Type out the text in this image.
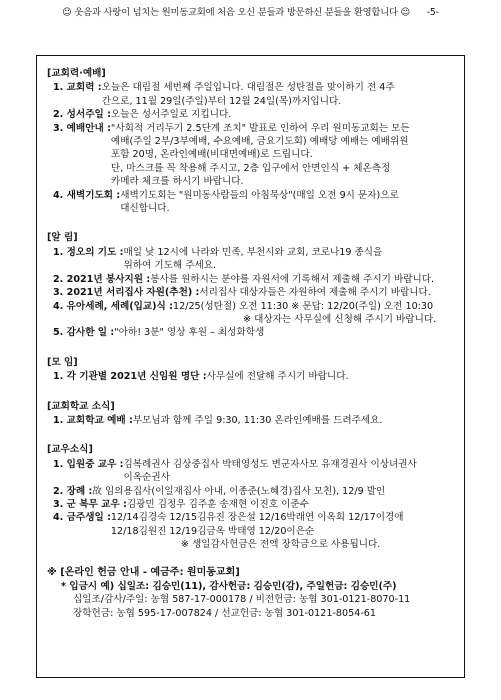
☺ 웃음과 사랑이 넘치는 원미동교회에 처음 오신 분들과 방문하신 분들을 환영합니다 ☺ -5-
[교회력·예배]
1. 교회력 : 오늘은 대림절 세번째 주일입니다. 대림절은 성탄절을 맞이하기 전 4주
간으로, 11월 29일(주일)부터 12월 24일(목)까지입니다.
2. 성서주일 : 오늘은 성서주일로 지킵니다.
3. 예배안내 : "사회적 거리두기 2.5단계 조치" 발표로 인하여 우리 원미동교회는 모든
예배(주일 2부/3부예배, 수요예배, 금요기도회) 예배당 예배는 예배위원
포함 20명, 온라인예배(비대면예배)로 드립니다.
단, 마스크를 꼭 착용해 주시고, 2층 입구에서 안면인식 + 체온측정
카메라 체크를 하시기 바랍니다.
4. 새벽기도회 : 새벽기도회는 "원미동사람들의 아침묵상"(매일 오전 9시 문자)으로
대신합니다.
[알 림]
1. 정오의 기도 : 매일 낮 12시에 나라와 민족, 부천시와 교회, 코로나19 종식을
위하여 기도해 주세요.
2. 2021년 봉사지원 : 봉사를 원하시는 분야를 자원서에 기록해서 제출해 주시기 바랍니다.
3. 2021년 서리집사 자원(추천) : 서리집사 대상자들은 자원하여 제출해 주시기 바랍니다.
4. 유아세례, 세례(입교)식 : 12/25(성탄절) 오전 11:30 ※ 문답: 12/20(주일) 오전 10:30
※ 대상자는 사무실에 신청해 주시기 바랍니다.
5. 감사한 일 : "아하! 3분" 영상 후원 – 최성화학생
[모 임]
1. 각 기관별 2021년 신임원 명단 : 사무실에 전달해 주시기 바랍니다.
[교회학교 소식]
1. 교회학교 예배 : 부모님과 함께 주일 9:30, 11:30 온라인예배를 드려주세요.
[교우소식]
1. 입원중 교우 : 김복례권사 김상중집사 박태영성도 변군자사모 유재경권사 이상녀권사
이옥순권사
2. 장례 : 故 임의용집사(이일재집사 아내, 이종준(노혜경)집사 모친), 12/9 발인
3. 군 복무 교우 : 김광민 김정우 김주훈 송재현 이진호 이준수
4. 금주생일 : 12/14김경숙 12/15김유진 장은설 12/16박래연 이옥희 12/17이경애
12/18김원진 12/19김금옥 박태영 12/20이은순
※ 생일감사헌금은 전액 장학금으로 사용됩니다.
※ [온라인 헌금 안내 - 예금주: 원미동교회]
* 입금시 예) 십일조: 김승민(11), 감사헌금: 김승민(감), 주일헌금: 김승민(주)
십일조/감사/주일: 농협 587-17-000178 / 비전헌금: 농협 301-0121-8070-11
장학헌금: 농협 595-17-007824 / 선교헌금: 농협 301-0121-8054-61
